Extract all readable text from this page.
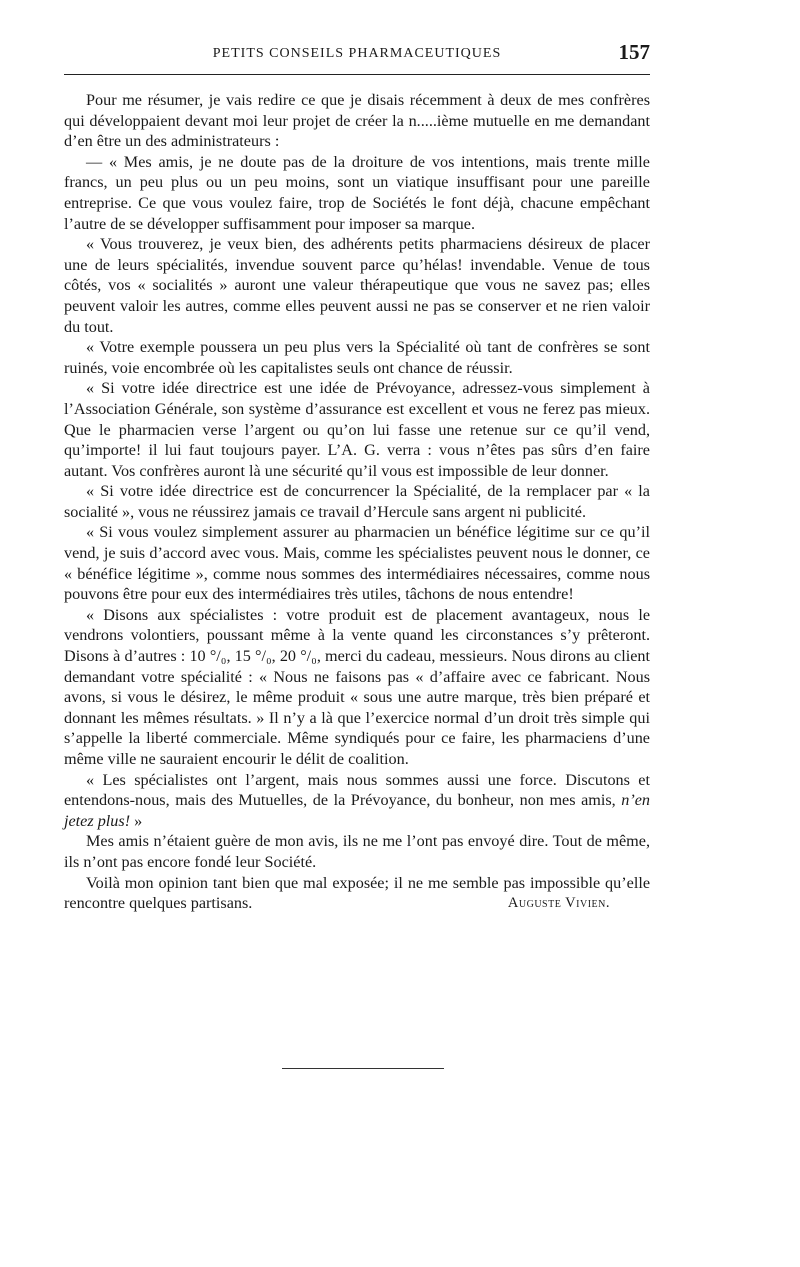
PETITS CONSEILS PHARMACEUTIQUES	157

Pour me résumer, je vais redire ce que je disais récemment à deux de mes confrères qui développaient devant moi leur projet de créer la n.....ième mutuelle en me demandant d’en être un des administrateurs :

— « Mes amis, je ne doute pas de la droiture de vos intentions, mais trente mille francs, un peu plus ou un peu moins, sont un viatique insuffisant pour une pareille entreprise. Ce que vous voulez faire, trop de Sociétés le font déjà, chacune empêchant l’autre de se développer suffisamment pour imposer sa marque.

« Vous trouverez, je veux bien, des adhérents petits pharmaciens désireux de placer une de leurs spécialités, invendue souvent parce qu’hélas! invendable. Venue de tous côtés, vos « socialités » auront une valeur thérapeutique que vous ne savez pas; elles peuvent valoir les autres, comme elles peuvent aussi ne pas se conserver et ne rien valoir du tout.

« Votre exemple poussera un peu plus vers la Spécialité où tant de confrères se sont ruinés, voie encombrée où les capitalistes seuls ont chance de réussir.

« Si votre idée directrice est une idée de Prévoyance, adressez-vous simplement à l’Association Générale, son système d’assurance est excellent et vous ne ferez pas mieux. Que le pharmacien verse l’argent ou qu’on lui fasse une retenue sur ce qu’il vend, qu’importe! il lui faut toujours payer. L’A. G. verra : vous n’êtes pas sûrs d’en faire autant. Vos confrères auront là une sécurité qu’il vous est impossible de leur donner.

« Si votre idée directrice est de concurrencer la Spécialité, de la remplacer par « la socialité », vous ne réussirez jamais ce travail d’Hercule sans argent ni publicité.

« Si vous voulez simplement assurer au pharmacien un bénéfice légitime sur ce qu’il vend, je suis d’accord avec vous. Mais, comme les spécialistes peuvent nous le donner, ce « bénéfice légitime », comme nous sommes des intermédiaires nécessaires, comme nous pouvons être pour eux des intermédiaires très utiles, tâchons de nous entendre!

« Disons aux spécialistes : votre produit est de placement avantageux, nous le vendrons volontiers, poussant même à la vente quand les circonstances s’y prêteront. Disons à d’autres : 10 °/₀, 15 °/₀, 20 °/₀, merci du cadeau, messieurs. Nous dirons au client demandant votre spécialité : « Nous ne faisons pas « d’affaire avec ce fabricant. Nous avons, si vous le désirez, le même produit « sous une autre marque, très bien préparé et donnant les mêmes résultats. » Il n’y a là que l’exercice normal d’un droit très simple qui s’appelle la liberté commerciale. Même syndiqués pour ce faire, les pharmaciens d’une même ville ne sauraient encourir le délit de coalition.

« Les spécialistes ont l’argent, mais nous sommes aussi une force. Discutons et entendons-nous, mais des Mutuelles, de la Prévoyance, du bonheur, non mes amis, n’en jetez plus! »

Mes amis n’étaient guère de mon avis, ils ne me l’ont pas envoyé dire. Tout de même, ils n’ont pas encore fondé leur Société.

Voilà mon opinion tant bien que mal exposée; il ne me semble pas impossible qu’elle rencontre quelques partisans.	Auguste Vivien.
